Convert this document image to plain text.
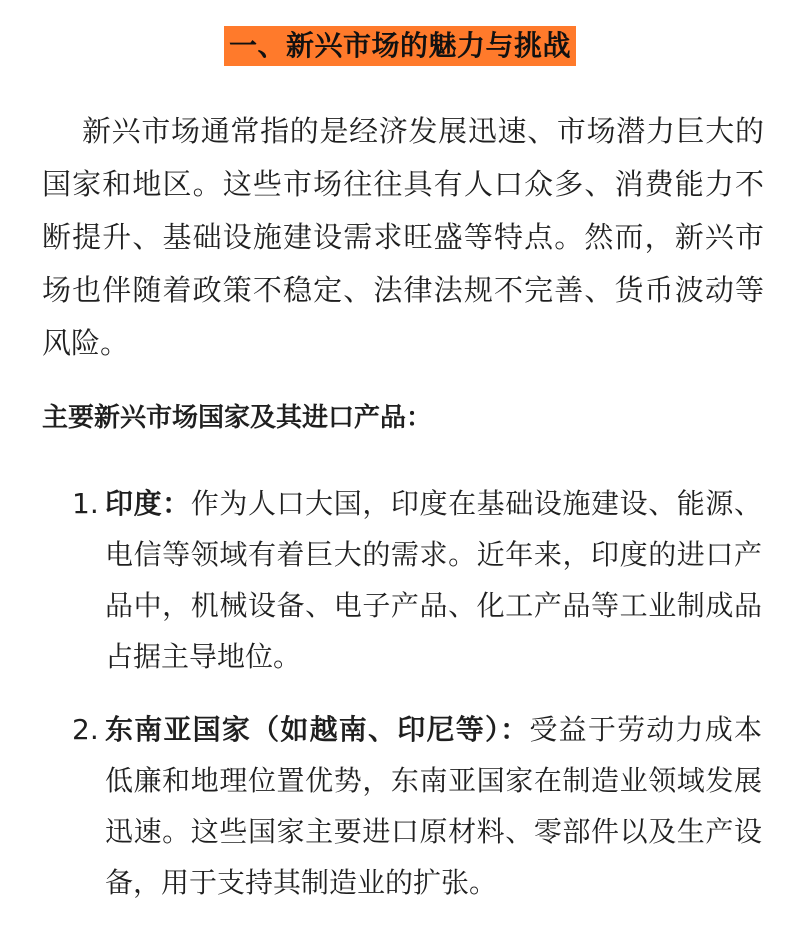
一、新兴市场的魅力与挑战

新兴市场通常指的是经济发展迅速、市场潜力巨大的国家和地区。这些市场往往具有人口众多、消费能力不断提升、基础设施建设需求旺盛等特点。然而，新兴市场也伴随着政策不稳定、法律法规不完善、货币波动等风险。

主要新兴市场国家及其进口产品：

1. 印度：作为人口大国，印度在基础设施建设、能源、电信等领域有着巨大的需求。近年来，印度的进口产品中，机械设备、电子产品、化工产品等工业制成品占据主导地位。
2. 东南亚国家（如越南、印尼等）：受益于劳动力成本低廉和地理位置优势，东南亚国家在制造业领域发展迅速。这些国家主要进口原材料、零部件以及生产设备，用于支持其制造业的扩张。
